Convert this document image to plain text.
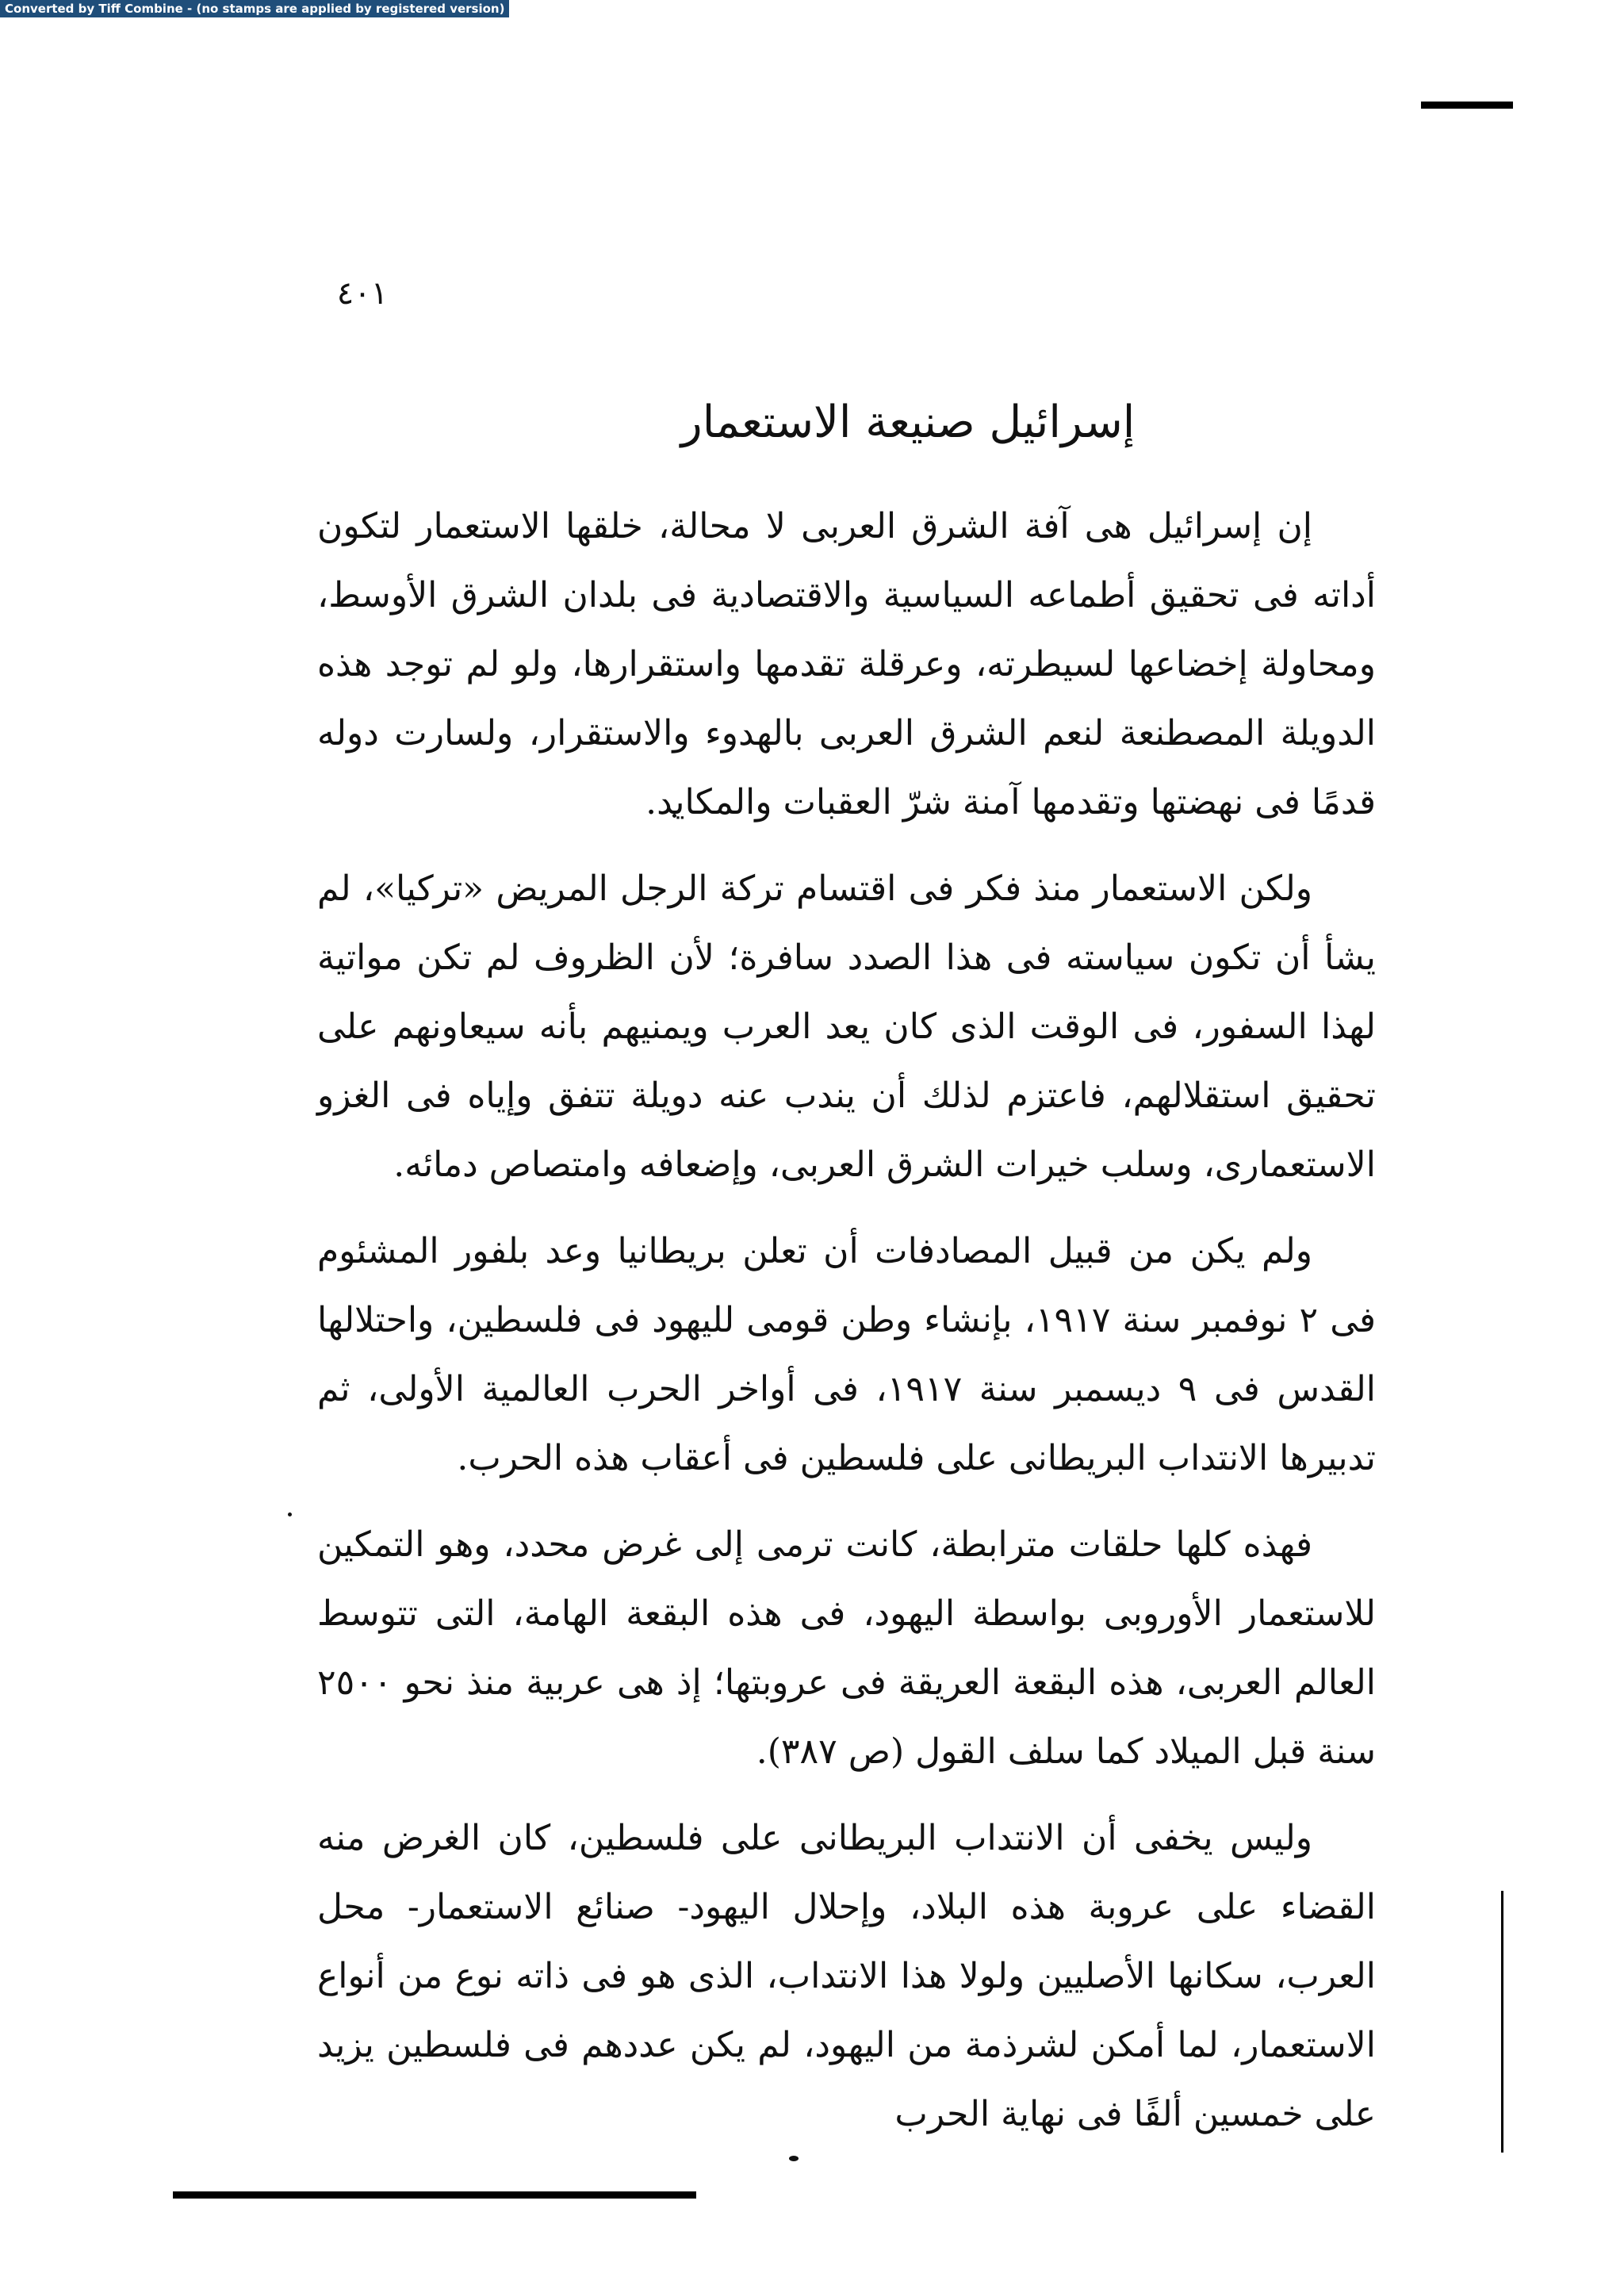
Converted by Tiff Combine - (no stamps are applied by registered version)
٤٠١
إسرائيل صنيعة الاستعمار

إن إسرائيل هى آفة الشرق العربى لا محالة، خلقها الاستعمار لتكون أداته فى تحقيق أطماعه السياسية والاقتصادية فى بلدان الشرق الأوسط، ومحاولة إخضاعها لسيطرته، وعرقلة تقدمها واستقرارها، ولو لم توجد هذه الدويلة المصطنعة لنعم الشرق العربى بالهدوء والاستقرار، ولسارت دوله قدمًا فى نهضتها وتقدمها آمنة شرّ العقبات والمكايد.

ولكن الاستعمار منذ فكر فى اقتسام تركة الرجل المريض «تركيا»، لم يشأ أن تكون سياسته فى هذا الصدد سافرة؛ لأن الظروف لم تكن مواتية لهذا السفور، فى الوقت الذى كان يعد العرب ويمنيهم بأنه سيعاونهم على تحقيق استقلالهم، فاعتزم لذلك أن يندب عنه دويلة تتفق وإياه فى الغزو الاستعمارى، وسلب خيرات الشرق العربى، وإضعافه وامتصاص دمائه.

ولم يكن من قبيل المصادفات أن تعلن بريطانيا وعد بلفور المشئوم فى ٢ نوفمبر سنة ١٩١٧، بإنشاء وطن قومى لليهود فى فلسطين، واحتلالها القدس فى ٩ ديسمبر سنة ١٩١٧، فى أواخر الحرب العالمية الأولى، ثم تدبيرها الانتداب البريطانى على فلسطين فى أعقاب هذه الحرب.

فهذه كلها حلقات مترابطة، كانت ترمى إلى غرض محدد، وهو التمكين للاستعمار الأوروبى بواسطة اليهود، فى هذه البقعة الهامة، التى تتوسط العالم العربى، هذه البقعة العريقة فى عروبتها؛ إذ هى عربية منذ نحو ٢٥٠٠ سنة قبل الميلاد كما سلف القول (ص ٣٨٧).

وليس يخفى أن الانتداب البريطانى على فلسطين، كان الغرض منه القضاء على عروبة هذه البلاد، وإحلال اليهود- صنائع الاستعمار- محل العرب، سكانها الأصليين ولولا هذا الانتداب، الذى هو فى ذاته نوع من أنواع الاستعمار، لما أمكن لشرذمة من اليهود، لم يكن عددهم فى فلسطين يزيد على خمسين ألفًا فى نهاية الحرب
